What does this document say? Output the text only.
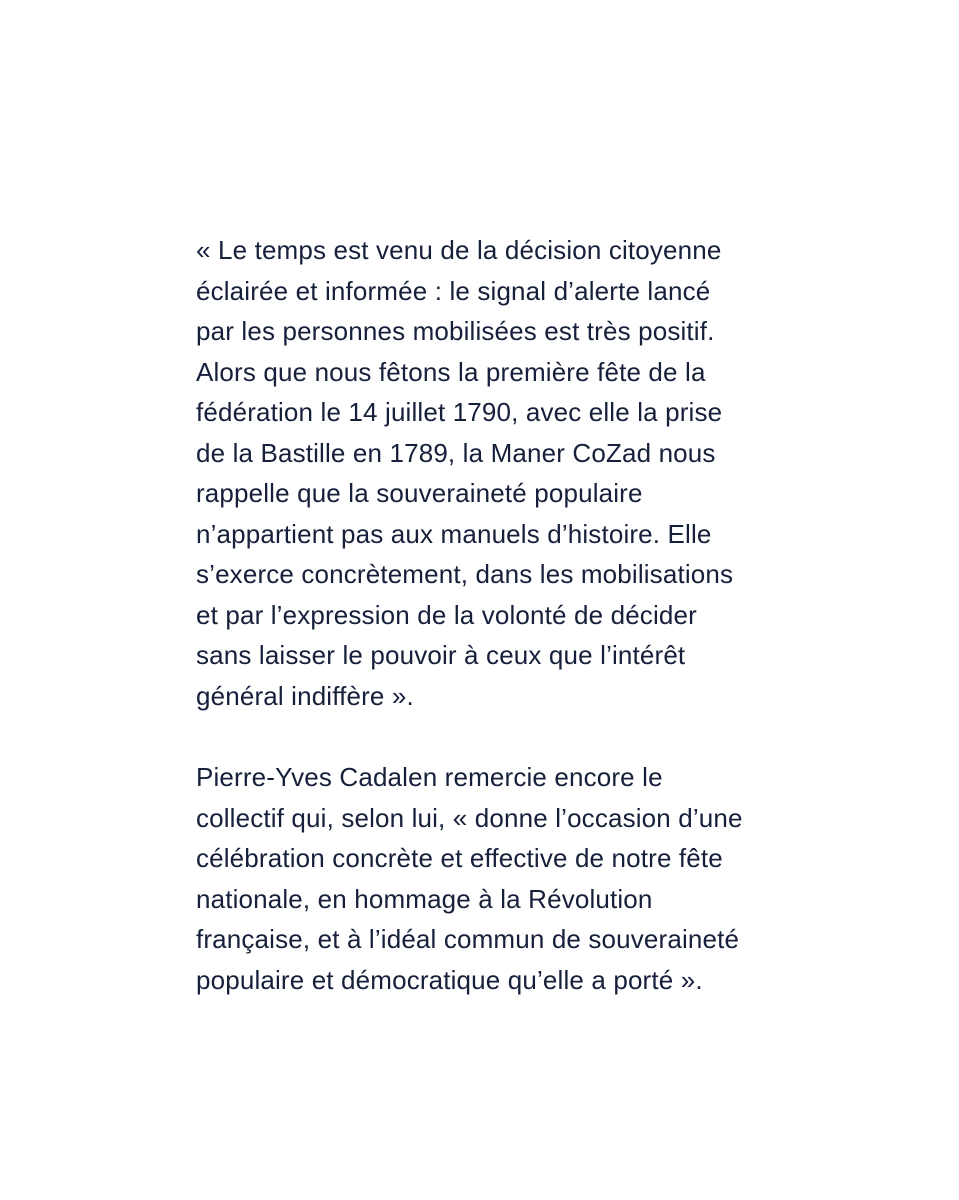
« Le temps est venu de la décision citoyenne
éclairée et informée : le signal d’alerte lancé
par les personnes mobilisées est très positif.
Alors que nous fêtons la première fête de la
fédération le 14 juillet 1790, avec elle la prise
de la Bastille en 1789, la Maner CoZad nous
rappelle que la souveraineté populaire
n’appartient pas aux manuels d’histoire. Elle
s’exerce concrètement, dans les mobilisations
et par l’expression de la volonté de décider
sans laisser le pouvoir à ceux que l’intérêt
général indiffère ».

Pierre-Yves Cadalen remercie encore le
collectif qui, selon lui, « donne l’occasion d’une
célébration concrète et effective de notre fête
nationale, en hommage à la Révolution
française, et à l’idéal commun de souveraineté
populaire et démocratique qu’elle a porté ».
